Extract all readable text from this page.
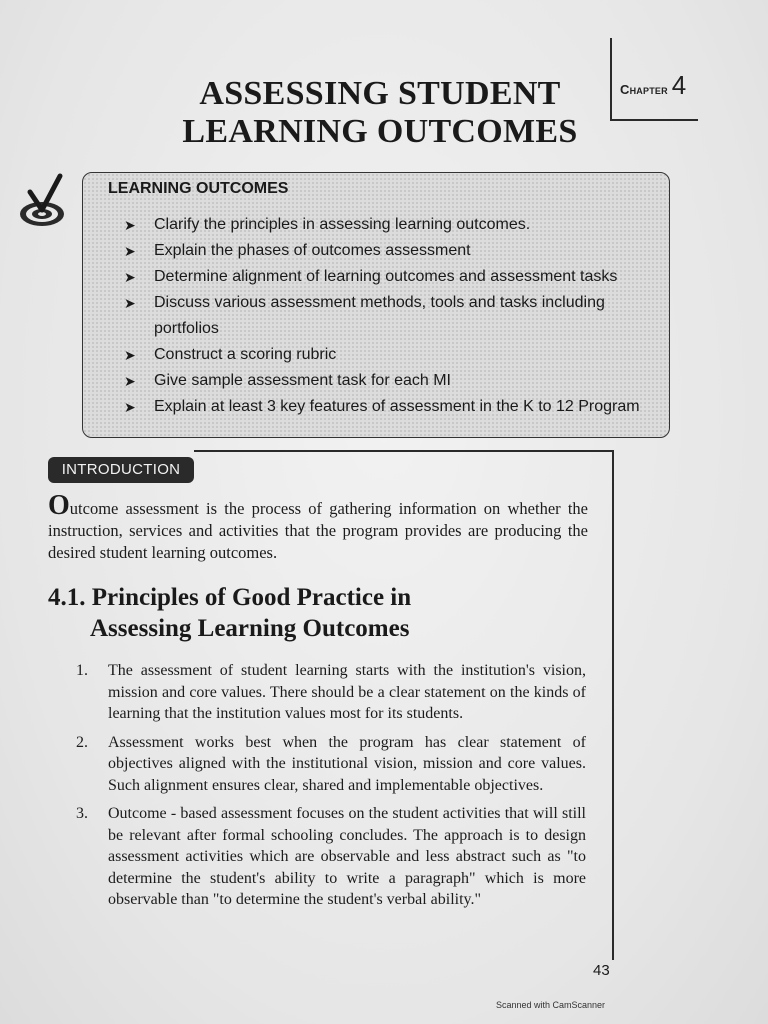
Chapter 4
ASSESSING STUDENT
LEARNING OUTCOMES
LEARNING OUTCOMES
➤ Clarify the principles in assessing learning outcomes.
➤ Explain the phases of outcomes assessment
➤ Determine alignment of learning outcomes and assessment tasks
➤ Discuss various assessment methods, tools and tasks including portfolios
➤ Construct a scoring rubric
➤ Give sample assessment task for each MI
➤ Explain at least 3 key features of assessment in the K to 12 Program
INTRODUCTION

Outcome assessment is the process of gathering information on whether the instruction, services and activities that the program provides are producing the desired student learning outcomes.

4.1. Principles of Good Practice in
Assessing Learning Outcomes
1. The assessment of student learning starts with the institution's vision, mission and core values. There should be a clear statement on the kinds of learning that the institution values most for its students.
2. Assessment works best when the program has clear statement of objectives aligned with the institutional vision, mission and core values. Such alignment ensures clear, shared and implementable objectives.
3. Outcome - based assessment focuses on the student activities that will still be relevant after formal schooling concludes. The approach is to design assessment activities which are observable and less abstract such as "to determine the student's ability to write a paragraph" which is more observable than "to determine the student's verbal ability."
43
Scanned with CamScanner
